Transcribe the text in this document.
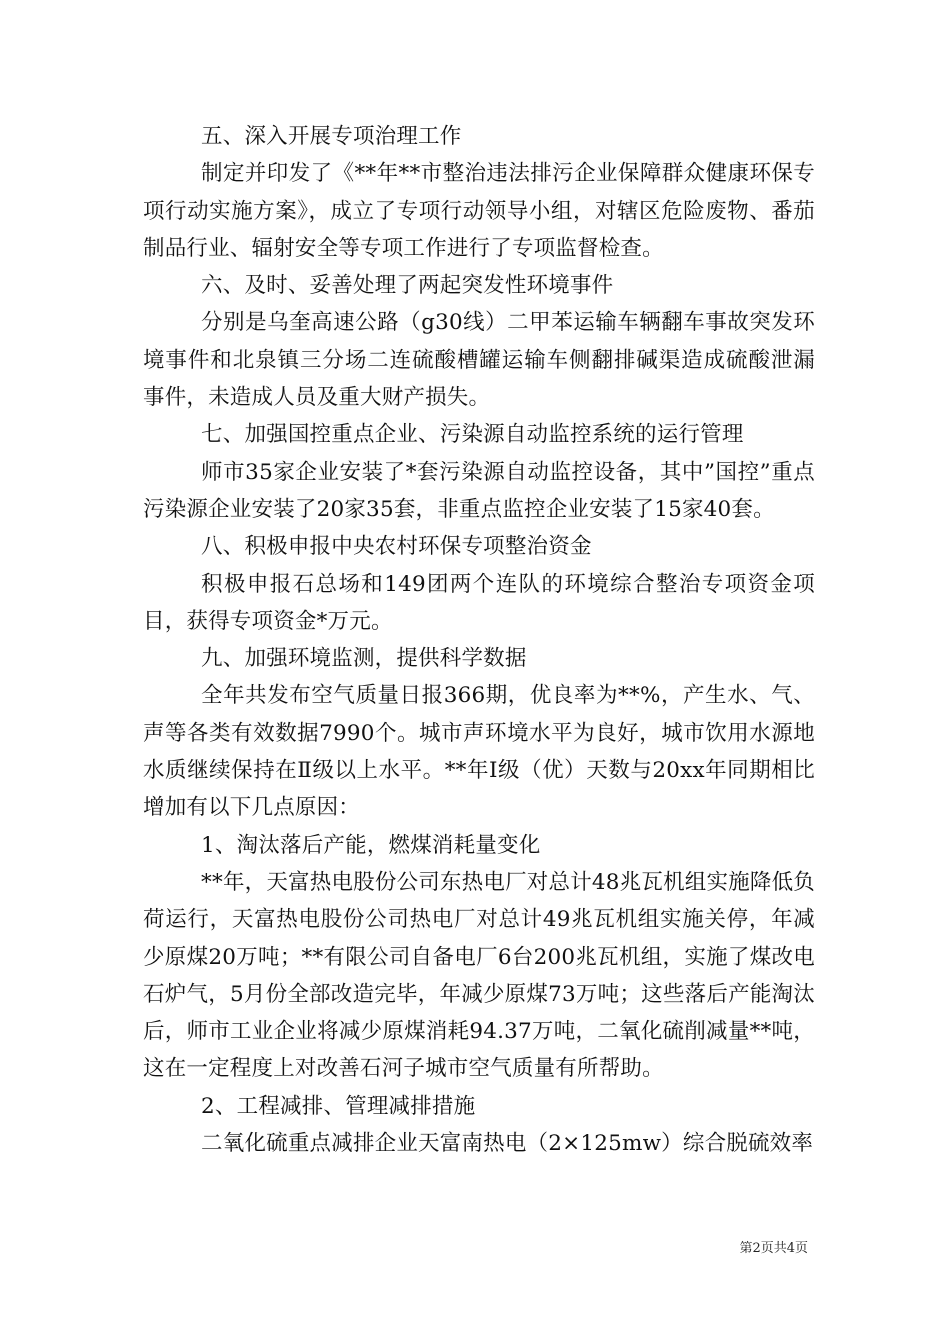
五、深入开展专项治理工作

制定并印发了《**年**市整治违法排污企业保障群众健康环保专项行动实施方案》，成立了专项行动领导小组，对辖区危险废物、番茄制品行业、辐射安全等专项工作进行了专项监督检查。

六、及时、妥善处理了两起突发性环境事件

分别是乌奎高速公路（g30线）二甲苯运输车辆翻车事故突发环境事件和北泉镇三分场二连硫酸槽罐运输车侧翻排碱渠造成硫酸泄漏事件，未造成人员及重大财产损失。

七、加强国控重点企业、污染源自动监控系统的运行管理

师市35家企业安装了*套污染源自动监控设备，其中”国控”重点污染源企业安装了20家35套，非重点监控企业安装了15家40套。

八、积极申报中央农村环保专项整治资金

积极申报石总场和149团两个连队的环境综合整治专项资金项目，获得专项资金*万元。

九、加强环境监测，提供科学数据

全年共发布空气质量日报366期，优良率为**%，产生水、气、声等各类有效数据7990个。城市声环境水平为良好，城市饮用水源地水质继续保持在Ⅱ级以上水平。**年Ⅰ级（优）天数与20xx年同期相比增加有以下几点原因：

1、淘汰落后产能，燃煤消耗量变化

**年，天富热电股份公司东热电厂对总计48兆瓦机组实施降低负荷运行，天富热电股份公司热电厂对总计49兆瓦机组实施关停，年减少原煤20万吨；**有限公司自备电厂6台200兆瓦机组，实施了煤改电石炉气，5月份全部改造完毕，年减少原煤73万吨；这些落后产能淘汰后，师市工业企业将减少原煤消耗94.37万吨，二氧化硫削减量**吨，这在一定程度上对改善石河子城市空气质量有所帮助。

2、工程减排、管理减排措施

二氧化硫重点减排企业天富南热电（2×125mw）综合脱硫效率

第2页共4页
